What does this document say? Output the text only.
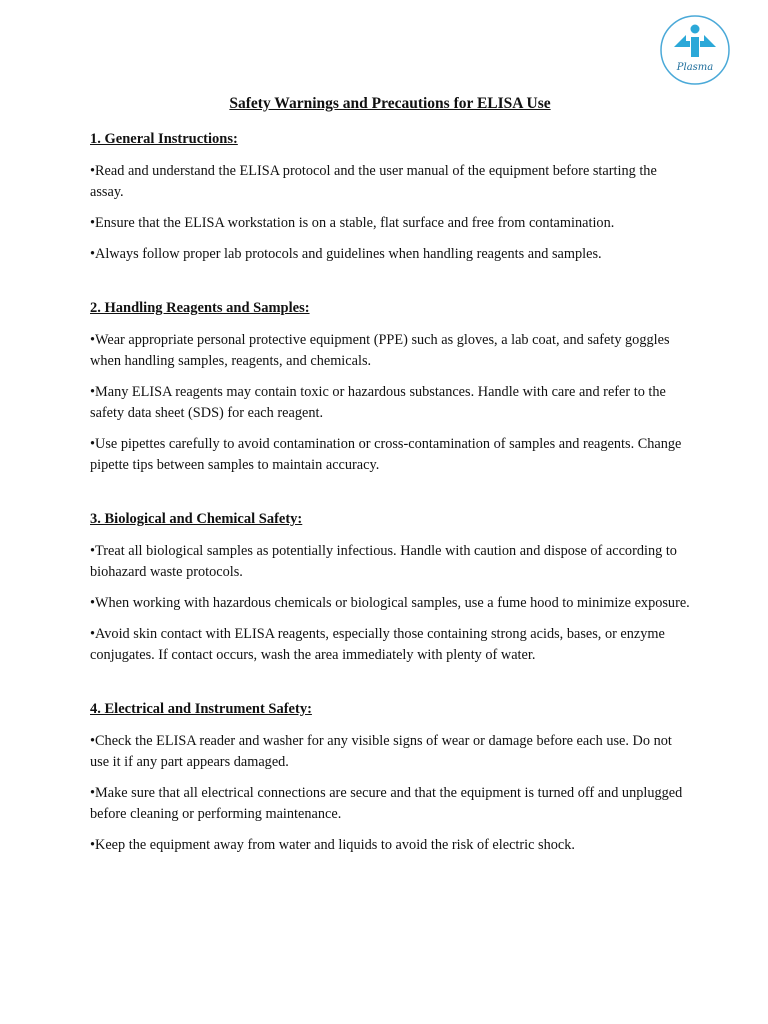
Plasma
Safety Warnings and Precautions for ELISA Use
1. General Instructions:
•Read and understand the ELISA protocol and the user manual of the equipment before starting the assay.
•Ensure that the ELISA workstation is on a stable, flat surface and free from contamination.
•Always follow proper lab protocols and guidelines when handling reagents and samples.
2. Handling Reagents and Samples:
•Wear appropriate personal protective equipment (PPE) such as gloves, a lab coat, and safety goggles when handling samples, reagents, and chemicals.
•Many ELISA reagents may contain toxic or hazardous substances. Handle with care and refer to the safety data sheet (SDS) for each reagent.
•Use pipettes carefully to avoid contamination or cross-contamination of samples and reagents. Change pipette tips between samples to maintain accuracy.
3. Biological and Chemical Safety:
•Treat all biological samples as potentially infectious. Handle with caution and dispose of according to biohazard waste protocols.
•When working with hazardous chemicals or biological samples, use a fume hood to minimize exposure.
•Avoid skin contact with ELISA reagents, especially those containing strong acids, bases, or enzyme conjugates. If contact occurs, wash the area immediately with plenty of water.
4. Electrical and Instrument Safety:
•Check the ELISA reader and washer for any visible signs of wear or damage before each use. Do not use it if any part appears damaged.
•Make sure that all electrical connections are secure and that the equipment is turned off and unplugged before cleaning or performing maintenance.
•Keep the equipment away from water and liquids to avoid the risk of electric shock.
